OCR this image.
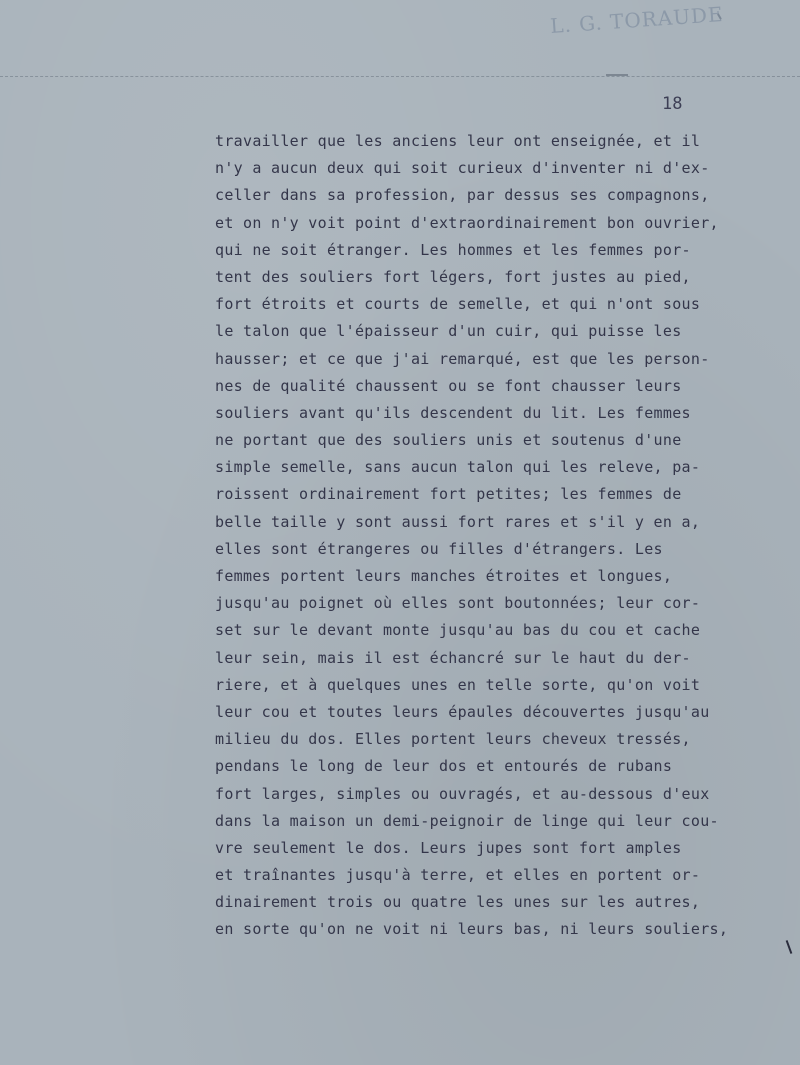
L. G. TORAUDE
18
travailler que les anciens leur ont enseignée, et il
n'y a aucun deux qui soit curieux d'inventer ni d'ex-
celler dans sa profession, par dessus ses compagnons,
et on n'y voit point d'extraordinairement bon ouvrier,
qui ne soit étranger. Les hommes et les femmes por-
tent des souliers fort légers, fort justes au pied,
fort étroits et courts de semelle, et qui n'ont sous
le talon que l'épaisseur d'un cuir, qui puisse les
hausser; et ce que j'ai remarqué, est que les person-
nes de qualité chaussent ou se font chausser leurs
souliers avant qu'ils descendent du lit. Les femmes
ne portant que des souliers unis et soutenus d'une
simple semelle, sans aucun talon qui les releve, pa-
roissent ordinairement fort petites; les femmes de
belle taille y sont aussi fort rares et s'il y en a,
elles sont étrangeres ou filles d'étrangers. Les
femmes portent leurs manches étroites et longues,
jusqu'au poignet où elles sont boutonnées; leur cor-
set sur le devant monte jusqu'au bas du cou et cache
leur sein, mais il est échancré sur le haut du der-
riere, et à quelques unes en telle sorte, qu'on voit
leur cou et toutes leurs épaules découvertes jusqu'au
milieu du dos. Elles portent leurs cheveux tressés,
pendans le long de leur dos et entourés de rubans
fort larges, simples ou ouvragés, et au-dessous d'eux
dans la maison un demi-peignoir de linge qui leur cou-
vre seulement le dos. Leurs jupes sont fort amples
et traînantes jusqu'à terre, et elles en portent or-
dinairement trois ou quatre les unes sur les autres,
en sorte qu'on ne voit ni leurs bas, ni leurs souliers,
